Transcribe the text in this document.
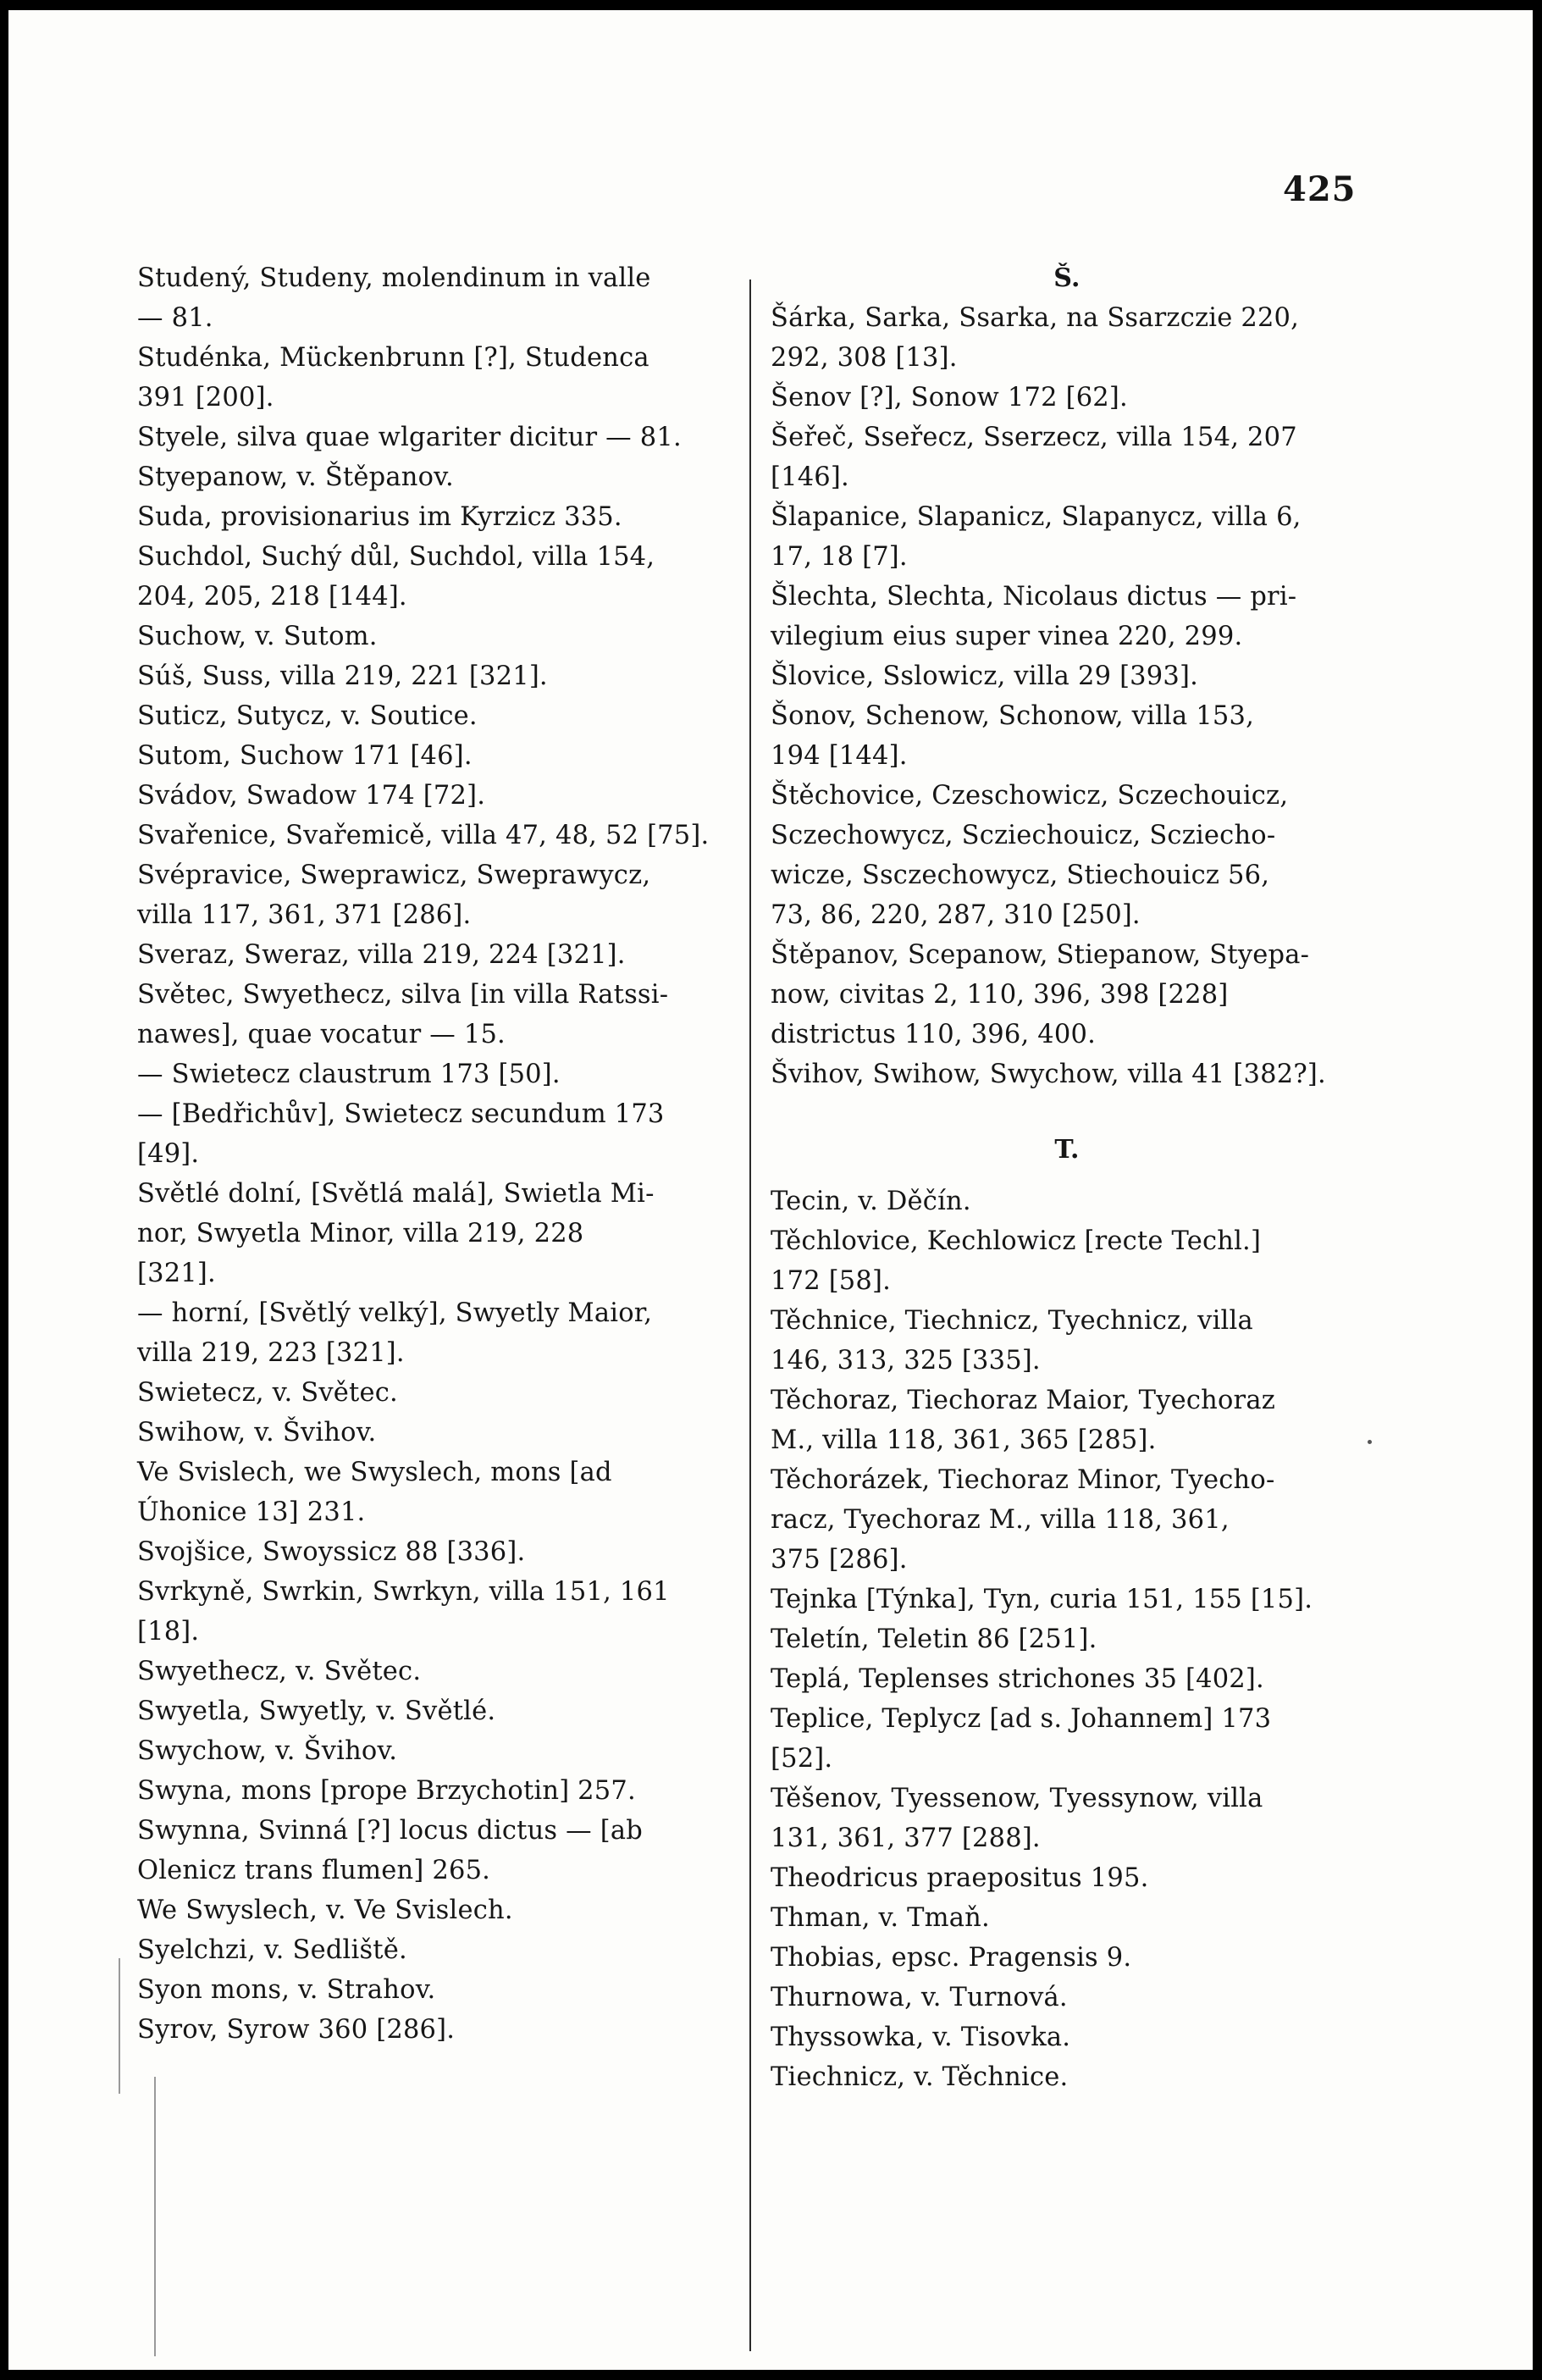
425
Studený, Studeny, molendinum in valle
— 81.
Studénka, Mückenbrunn [?], Studenca
391 [200].
Styele, silva quae wlgariter dicitur — 81.
Styepanow, v. Štěpanov.
Suda, provisionarius im Kyrzicz 335.
Suchdol, Suchý důl, Suchdol, villa 154,
204, 205, 218 [144].
Suchow, v. Sutom.
Súš, Suss, villa 219, 221 [321].
Suticz, Sutycz, v. Soutice.
Sutom, Suchow 171 [46].
Svádov, Swadow 174 [72].
Svařenice, Svařemicě, villa 47, 48, 52 [75].
Svépravice, Sweprawicz, Sweprawycz,
villa 117, 361, 371 [286].
Sveraz, Sweraz, villa 219, 224 [321].
Světec, Swyethecz, silva [in villa Ratssi-
nawes], quae vocatur — 15.
— Swietecz claustrum 173 [50].
— [Bedřichův], Swietecz secundum 173
[49].
Světlé dolní, [Světlá malá], Swietla Mi-
nor, Swyetla Minor, villa 219, 228
[321].
— horní, [Světlý velký], Swyetly Maior,
villa 219, 223 [321].
Swietecz, v. Světec.
Swihow, v. Švihov.
Ve Svislech, we Swyslech, mons [ad
Úhonice 13] 231.
Svojšice, Swoyssicz 88 [336].
Svrkyně, Swrkin, Swrkyn, villa 151, 161
[18].
Swyethecz, v. Světec.
Swyetla, Swyetly, v. Světlé.
Swychow, v. Švihov.
Swyna, mons [prope Brzychotin] 257.
Swynna, Svinná [?] locus dictus — [ab
Olenicz trans flumen] 265.
We Swyslech, v. Ve Svislech.
Syelchzi, v. Sedliště.
Syon mons, v. Strahov.
Syrov, Syrow 360 [286].
Š.
Šárka, Sarka, Ssarka, na Ssarzczie 220,
292, 308 [13].
Šenov [?], Sonow 172 [62].
Šeřeč, Sseřecz, Sserzecz, villa 154, 207
[146].
Šlapanice, Slapanicz, Slapanycz, villa 6,
17, 18 [7].
Šlechta, Slechta, Nicolaus dictus — pri-
vilegium eius super vinea 220, 299.
Šlovice, Sslowicz, villa 29 [393].
Šonov, Schenow, Schonow, villa 153,
194 [144].
Štěchovice, Czeschowicz, Sczechouicz,
Sczechowycz, Scziechouicz, Scziecho-
wicze, Ssczechowycz, Stiechouicz 56,
73, 86, 220, 287, 310 [250].
Štěpanov, Scepanow, Stiepanow, Styepa-
now, civitas 2, 110, 396, 398 [228]
districtus 110, 396, 400.
Švihov, Swihow, Swychow, villa 41 [382?].
T.
Tecin, v. Děčín.
Těchlovice, Kechlowicz [recte Techl.]
172 [58].
Těchnice, Tiechnicz, Tyechnicz, villa
146, 313, 325 [335].
Těchoraz, Tiechoraz Maior, Tyechoraz
M., villa 118, 361, 365 [285].
Těchorázek, Tiechoraz Minor, Tyecho-
racz, Tyechoraz M., villa 118, 361,
375 [286].
Tejnka [Týnka], Tyn, curia 151, 155 [15].
Teletín, Teletin 86 [251].
Teplá, Teplenses strichones 35 [402].
Teplice, Teplycz [ad s. Johannem] 173
[52].
Těšenov, Tyessenow, Tyessynow, villa
131, 361, 377 [288].
Theodricus praepositus 195.
Thman, v. Tmaň.
Thobias, epsc. Pragensis 9.
Thurnowa, v. Turnová.
Thyssowka, v. Tisovka.
Tiechnicz, v. Těchnice.
